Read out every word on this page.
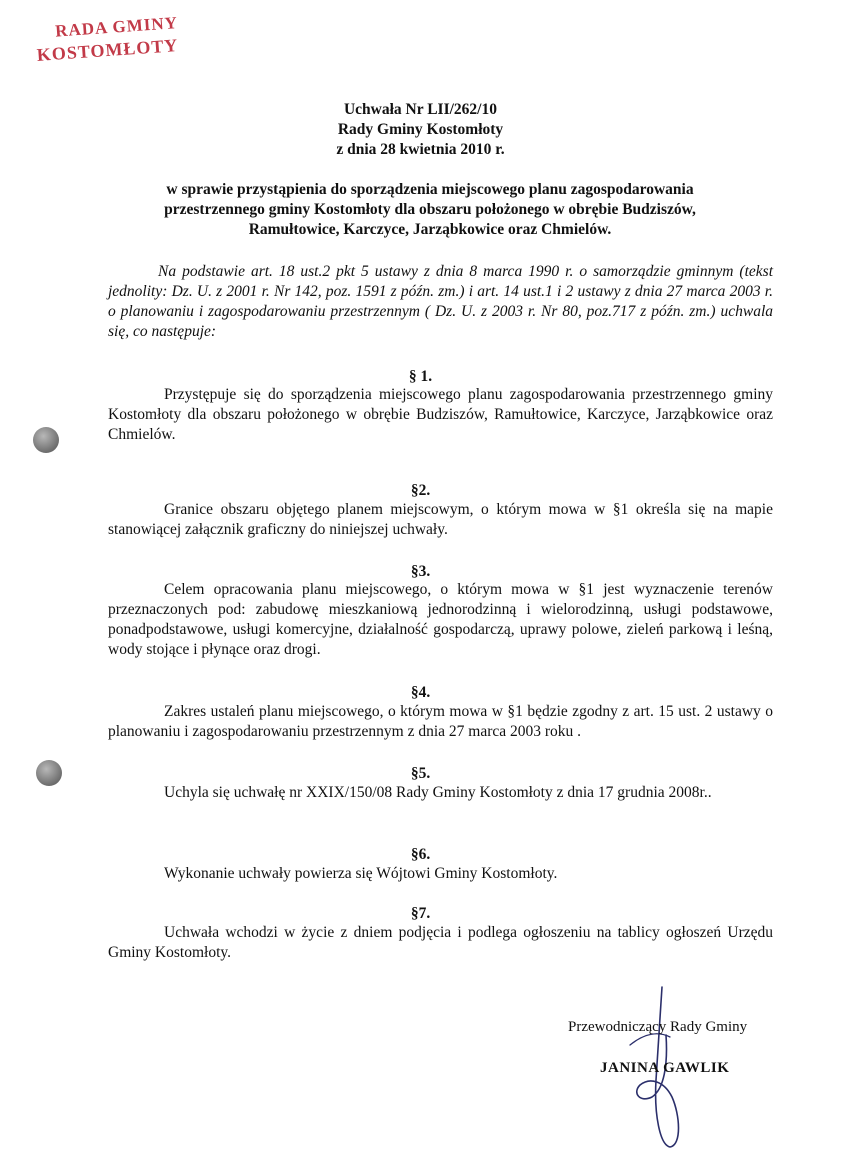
RADA GMINY
KOSTOMŁOTY
Uchwała Nr LII/262/10
Rady Gminy Kostomłoty
z dnia 28 kwietnia 2010 r.
w sprawie przystąpienia do sporządzenia miejscowego planu zagospodarowania przestrzennego gminy Kostomłoty dla obszaru położonego w obrębie Budziszów, Ramułtowice, Karczyce, Jarząbkowice oraz Chmielów.
Na podstawie art. 18 ust.2 pkt 5 ustawy z dnia 8 marca 1990 r. o samorządzie gminnym (tekst jednolity: Dz. U. z 2001 r. Nr 142, poz. 1591 z późn. zm.) i art. 14 ust.1 i 2 ustawy z dnia 27 marca 2003 r. o planowaniu i zagospodarowaniu przestrzennym ( Dz. U. z 2003 r. Nr 80, poz.717 z późn. zm.) uchwala się, co następuje:
§ 1.
Przystępuje się do sporządzenia miejscowego planu zagospodarowania przestrzennego gminy Kostomłoty dla obszaru położonego w obrębie Budziszów, Ramułtowice, Karczyce, Jarząbkowice oraz Chmielów.
§2.
Granice obszaru objętego planem miejscowym, o którym mowa w §1 określa się na mapie stanowiącej załącznik graficzny do niniejszej uchwały.
§3.
Celem opracowania planu miejscowego, o którym mowa w §1 jest wyznaczenie terenów przeznaczonych pod: zabudowę mieszkaniową jednorodzinną i wielorodzinną, usługi podstawowe, ponadpodstawowe, usługi komercyjne, działalność gospodarczą, uprawy polowe, zieleń parkową i leśną, wody stojące i płynące oraz drogi.
§4.
Zakres ustaleń planu miejscowego, o którym mowa w §1 będzie zgodny z art. 15 ust. 2 ustawy o planowaniu i zagospodarowaniu przestrzennym z dnia 27 marca 2003 roku .
§5.
Uchyla się uchwałę nr XXIX/150/08 Rady Gminy Kostomłoty z dnia 17 grudnia 2008r..
§6.
Wykonanie uchwały powierza się Wójtowi Gminy Kostomłoty.
§7.
Uchwała wchodzi w życie z dniem podjęcia i podlega ogłoszeniu na tablicy ogłoszeń Urzędu Gminy Kostomłoty.
Przewodniczący Rady Gminy
JANINA GAWLIK
